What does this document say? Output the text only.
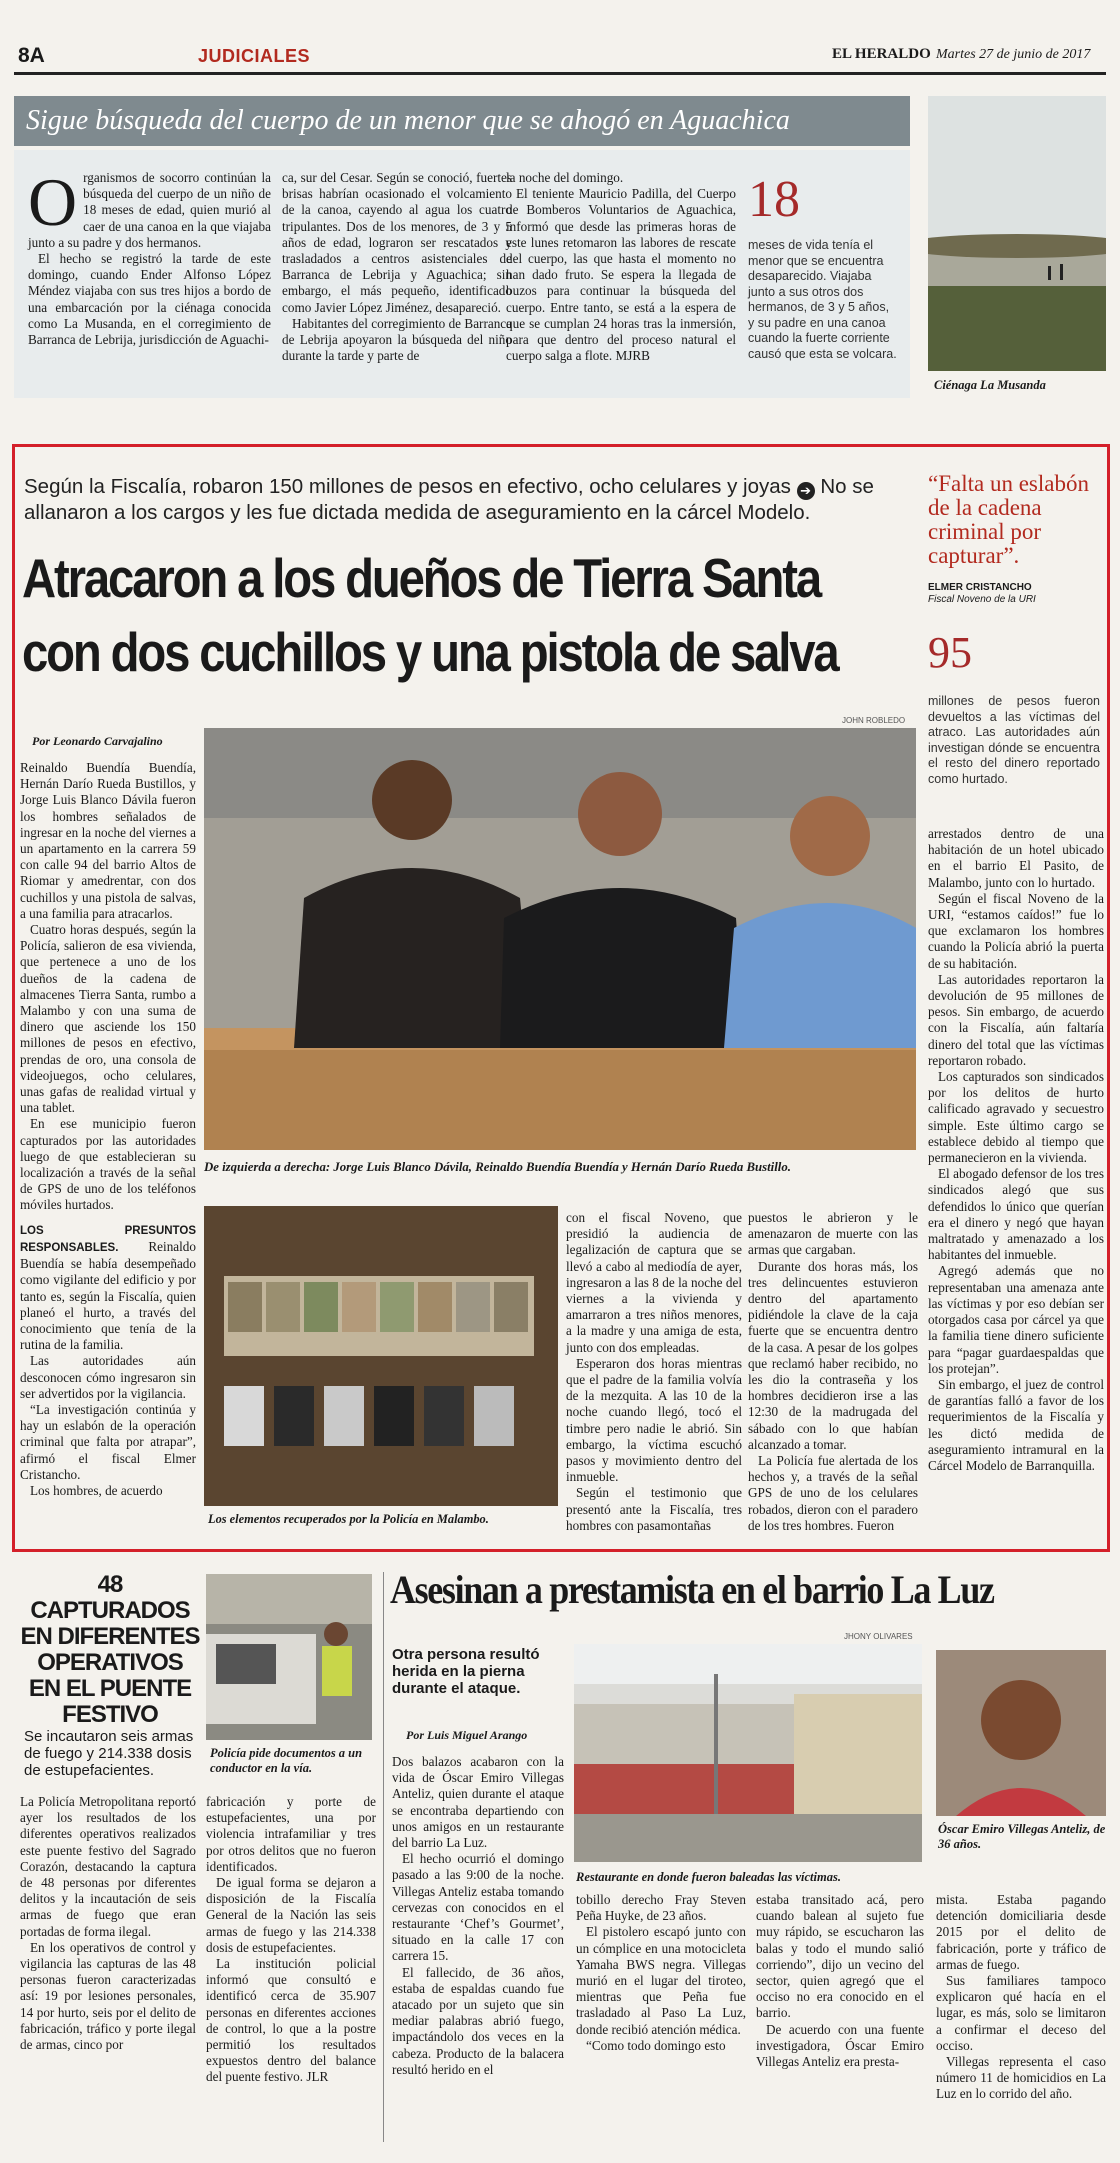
8A	JUDICIALES	EL HERALDO Martes 27 de junio de 2017
Sigue búsqueda del cuerpo de un menor que se ahogó en Aguachica
O rganismos de socorro continúan la búsqueda del cuerpo de un niño de 18 meses de edad, quien murió al caer de una canoa en la que viajaba junto a su padre y dos hermanos.

El hecho se registró la tarde de este domingo, cuando Ender Alfonso López Méndez viajaba con sus tres hijos a bordo de una embarcación por la ciénaga conocida como La Musanda, en el corregimiento de Barranca de Lebrija, jurisdicción de Aguachi-

ca, sur del Cesar. Según se conoció, fuertes brisas habrían ocasionado el volcamiento de la canoa, cayendo al agua los cuatro tripulantes. Dos de los menores, de 3 y 5 años de edad, lograron ser rescatados y trasladados a centros asistenciales de Barranca de Lebrija y Aguachica; sin embargo, el más pequeño, identificado como Javier López Jiménez, desapareció.

Habitantes del corregimiento de Barranca de Lebrija apoyaron la búsqueda del niño durante la tarde y parte de

la noche del domingo.

El teniente Mauricio Padilla, del Cuerpo de Bomberos Voluntarios de Aguachica, informó que desde las primeras horas de este lunes retomaron las labores de rescate del cuerpo, las que hasta el momento no han dado fruto. Se espera la llegada de buzos para continuar la búsqueda del cuerpo. Entre tanto, se está a la espera de que se cumplan 24 horas tras la inmersión, para que dentro del proceso natural el cuerpo salga a flote. MJRB

18
meses de vida tenía el menor que se encuentra desaparecido. Viajaba junto a sus otros dos hermanos, de 3 y 5 años, y su padre en una canoa cuando la fuerte corriente causó que esta se volcara.
Ciénaga La Musanda
Según la Fiscalía, robaron 150 millones de pesos en efectivo, ocho celulares y joyas ➔ No se allanaron a los cargos y les fue dictada medida de aseguramiento en la cárcel Modelo.
Atracaron a los dueños de Tierra Santa
con dos cuchillos y una pistola de salva
“Falta un eslabón de la cadena criminal por capturar”.
ELMER CRISTANCHO
Fiscal Noveno de la URI
95
millones de pesos fueron devueltos a las víctimas del atraco. Las autoridades aún investigan dónde se encuentra el resto del dinero reportado como hurtado.
JOHN ROBLEDO
De izquierda a derecha: Jorge Luis Blanco Dávila, Reinaldo Buendía Buendía y Hernán Darío Rueda Bustillo.
Por Leonardo Carvajalino

Reinaldo Buendía Buendía, Hernán Darío Rueda Bustillos, y Jorge Luis Blanco Dávila fueron los hombres señalados de ingresar en la noche del viernes a un apartamento en la carrera 59 con calle 94 del barrio Altos de Riomar y amedrentar, con dos cuchillos y una pistola de salvas, a una familia para atracarlos.

Cuatro horas después, según la Policía, salieron de esa vivienda, que pertenece a uno de los dueños de la cadena de almacenes Tierra Santa, rumbo a Malambo y con una suma de dinero que asciende los 150 millones de pesos en efectivo, prendas de oro, una consola de videojuegos, ocho celulares, unas gafas de realidad virtual y una tablet.

En ese municipio fueron capturados por las autoridades luego de que establecieran su localización a través de la señal de GPS de uno de los teléfonos móviles hurtados.

LOS PRESUNTOS RESPONSABLES. Reinaldo Buendía se había desempeñado como vigilante del edificio y por tanto es, según la Fiscalía, quien planeó el hurto, a través del conocimiento que tenía de la rutina de la familia.

Las autoridades aún desconocen cómo ingresaron sin ser advertidos por la vigilancia.

“La investigación continúa y hay un eslabón de la operación criminal que falta por atrapar”, afirmó el fiscal Elmer Cristancho.

Los hombres, de acuerdo

Los elementos recuperados por la Policía en Malambo.

con el fiscal Noveno, que presidió la audiencia de legalización de captura que se llevó a cabo al mediodía de ayer, ingresaron a las 8 de la noche del viernes a la vivienda y amarraron a tres niños menores, a la madre y una amiga de esta, junto con dos empleadas.

Esperaron dos horas mientras que el padre de la familia volvía de la mezquita. A las 10 de la noche cuando llegó, tocó el timbre pero nadie le abrió. Sin embargo, la víctima escuchó pasos y movimiento dentro del inmueble.

Según el testimonio que presentó ante la Fiscalía, tres hombres con pasamontañas

puestos le abrieron y le amenazaron de muerte con las armas que cargaban.

Durante dos horas más, los tres delincuentes estuvieron dentro del apartamento pidiéndole la clave de la caja fuerte que se encuentra dentro de la casa. A pesar de los golpes que reclamó haber recibido, no les dio la contraseña y los hombres decidieron irse a las 12:30 de la madrugada del sábado con lo que habían alcanzado a tomar.

La Policía fue alertada de los hechos y, a través de la señal GPS de uno de los celulares robados, dieron con el paradero de los tres hombres. Fueron

arrestados dentro de una habitación de un hotel ubicado en el barrio El Pasito, de Malambo, junto con lo hurtado.

Según el fiscal Noveno de la URI, “estamos caídos!” fue lo que exclamaron los hombres cuando la Policía abrió la puerta de su habitación.

Las autoridades reportaron la devolución de 95 millones de pesos. Sin embargo, de acuerdo con la Fiscalía, aún faltaría dinero del total que las víctimas reportaron robado.

Los capturados son sindicados por los delitos de hurto calificado agravado y secuestro simple. Este último cargo se establece debido al tiempo que permanecieron en la vivienda.

El abogado defensor de los tres sindicados alegó que sus defendidos lo único que querían era el dinero y negó que hayan maltratado y amenazado a los habitantes del inmueble.

Agregó además que no representaban una amenaza ante las víctimas y por eso debían ser otorgados casa por cárcel ya que la familia tiene dinero suficiente para “pagar guardaespaldas que los protejan”.

Sin embargo, el juez de control de garantías falló a favor de los requerimientos de la Fiscalía y les dictó medida de aseguramiento intramural en la Cárcel Modelo de Barranquilla.

48 CAPTURADOS EN DIFERENTES OPERATIVOS EN EL PUENTE FESTIVO
Se incautaron seis armas de fuego y 214.338 dosis de estupefacientes.
Policía pide documentos a un conductor en la vía.

La Policía Metropolitana reportó ayer los resultados de los diferentes operativos realizados este puente festivo del Sagrado Corazón, destacando la captura de 48 personas por diferentes delitos y la incautación de seis armas de fuego que eran portadas de forma ilegal.

En los operativos de control y vigilancia las capturas de las 48 personas fueron caracterizadas así: 19 por lesiones personales, 14 por hurto, seis por el delito de fabricación, tráfico y porte ilegal de armas, cinco por

fabricación y porte de estupefacientes, una por violencia intrafamiliar y tres por otros delitos que no fueron identificados.

De igual forma se dejaron a disposición de la Fiscalía General de la Nación las seis armas de fuego y las 214.338 dosis de estupefacientes.

La institución policial informó que consultó e identificó cerca de 35.907 personas en diferentes acciones de control, lo que a la postre permitió los resultados expuestos dentro del balance del puente festivo. JLR

Asesinan a prestamista en el barrio La Luz
Otra persona resultó herida en la pierna durante el ataque.
Por Luis Miguel Arango

Dos balazos acabaron con la vida de Óscar Emiro Villegas Anteliz, quien durante el ataque se encontraba departiendo con unos amigos en un restaurante del barrio La Luz.

El hecho ocurrió el domingo pasado a las 9:00 de la noche. Villegas Anteliz estaba tomando cervezas con conocidos en el restaurante ‘Chef’s Gourmet’, situado en la calle 17 con carrera 15.

El fallecido, de 36 años, estaba de espaldas cuando fue atacado por un sujeto que sin mediar palabras abrió fuego, impactándolo dos veces en la cabeza. Producto de la balacera resultó herido en el

JHONY OLIVARES
Restaurante en donde fueron baleadas las víctimas.
Óscar Emiro Villegas Anteliz, de 36 años.

tobillo derecho Fray Steven Peña Huyke, de 23 años.

El pistolero escapó junto con un cómplice en una motocicleta Yamaha BWS negra. Villegas murió en el lugar del tiroteo, mientras que Peña fue trasladado al Paso La Luz, donde recibió atención médica.

“Como todo domingo esto

estaba transitado acá, pero cuando balean al sujeto fue muy rápido, se escucharon las balas y todo el mundo salió corriendo”, dijo un vecino del sector, quien agregó que el occiso no era conocido en el barrio.

De acuerdo con una fuente investigadora, Óscar Emiro Villegas Anteliz era presta-

mista. Estaba pagando detención domiciliaria desde 2015 por el delito de fabricación, porte y tráfico de armas de fuego.

Sus familiares tampoco explicaron qué hacía en el lugar, es más, solo se limitaron a confirmar el deceso del occiso.

Villegas representa el caso número 11 de homicidios en La Luz en lo corrido del año.
